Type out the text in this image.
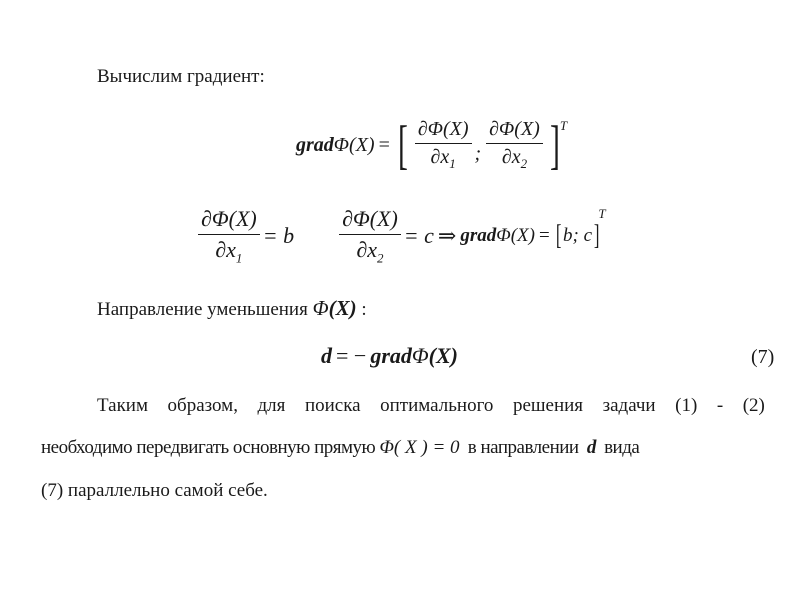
Вычислим градиент:
grad Φ (X) = [ $\frac{\partial\Phi(X)}{\partial x_1}$ ; $\frac{\partial\Phi(X)}{\partial x_2} ]^T$
$\frac{\partial\Phi(X)}{\partial x_1} = b \frac{\partial\Phi(X)}{\partial x_2} = c$ ⇒ grad Φ (X) = [ b; c ]
T
Направление уменьшения Φ(X) :
d = − grad Φ (X)	(7)
Таким образом, для поиска оптимального решения задачи (1) - (2)
необходимо передвигать основную прямую Φ( X ) = 0 в направлении d вида
(7) параллельно самой себе.
